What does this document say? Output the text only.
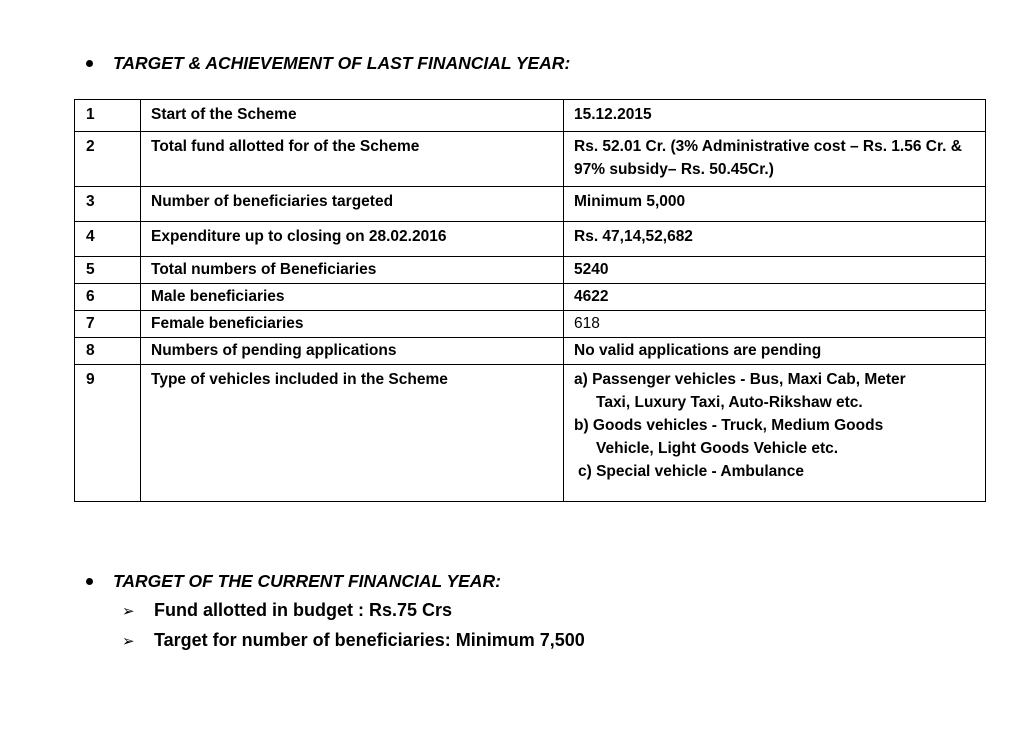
TARGET & ACHIEVEMENT OF LAST FINANCIAL YEAR:
1	Start of the Scheme	15.12.2015
2	Total fund allotted for of the Scheme	Rs. 52.01 Cr. (3% Administrative cost – Rs. 1.56 Cr. & 97% subsidy– Rs. 50.45Cr.)
3	Number of beneficiaries targeted	Minimum 5,000
4	Expenditure up to closing on 28.02.2016	Rs. 47,14,52,682
5	Total numbers of Beneficiaries	5240
6	Male beneficiaries	4622
7	Female beneficiaries	618
8	Numbers of pending applications	No valid applications are pending
9	Type of vehicles included in the Scheme	a) Passenger vehicles - Bus, Maxi Cab, Meter
Taxi, Luxury Taxi, Auto-Rikshaw etc.
b) Goods vehicles - Truck, Medium Goods
Vehicle, Light Goods Vehicle etc.
c) Special vehicle - Ambulance
TARGET OF THE CURRENT FINANCIAL YEAR:
➢	Fund allotted in budget : Rs.75 Crs
➢	Target for number of beneficiaries: Minimum 7,500
